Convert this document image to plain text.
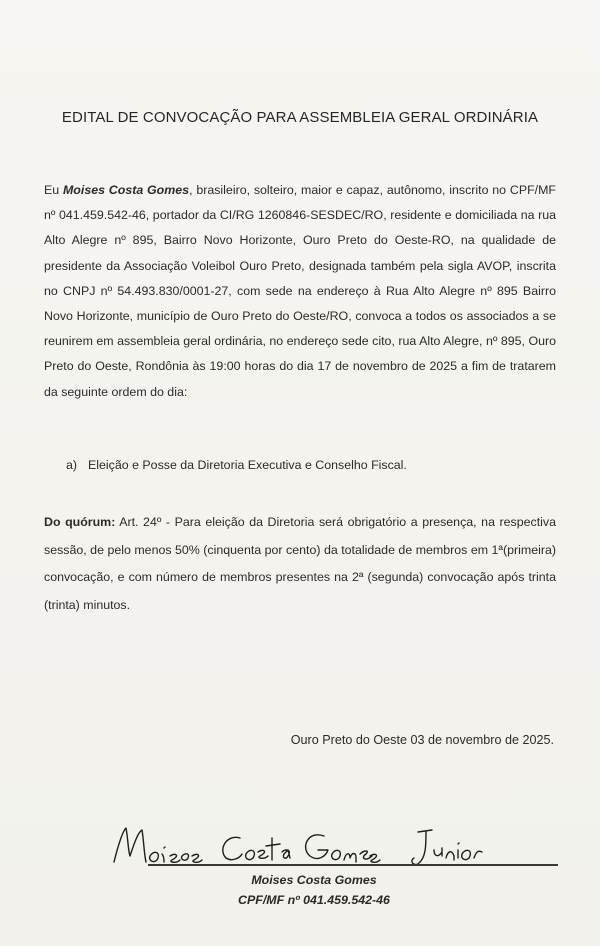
EDITAL DE CONVOCAÇÃO PARA ASSEMBLEIA GERAL ORDINÁRIA
Eu Moises Costa Gomes, brasileiro, solteiro, maior e capaz, autônomo, inscrito no CPF/MF nº 041.459.542-46, portador da CI/RG 1260846-SESDEC/RO, residente e domiciliada na rua Alto Alegre nº 895, Bairro Novo Horizonte, Ouro Preto do Oeste-RO, na qualidade de presidente da Associação Voleibol Ouro Preto, designada também pela sigla AVOP, inscrita no CNPJ nº 54.493.830/0001-27, com sede na endereço à Rua Alto Alegre nº 895 Bairro Novo Horizonte, município de Ouro Preto do Oeste/RO, convoca a todos os associados a se reunirem em assembleia geral ordinária, no endereço sede cito, rua Alto Alegre, nº 895, Ouro Preto do Oeste, Rondônia às 19:00 horas do dia 17 de novembro de 2025 a fim de tratarem da seguinte ordem do dia:
a) Eleição e Posse da Diretoria Executiva e Conselho Fiscal.
Do quórum: Art. 24º - Para eleição da Diretoria será obrigatório a presença, na respectiva sessão, de pelo menos 50% (cinquenta por cento) da totalidade de membros em 1ª(primeira) convocação, e com número de membros presentes na 2ª (segunda) convocação após trinta (trinta) minutos.
Ouro Preto do Oeste 03 de novembro de 2025.
Moises Costa Gomes
CPF/MF nº 041.459.542-46
